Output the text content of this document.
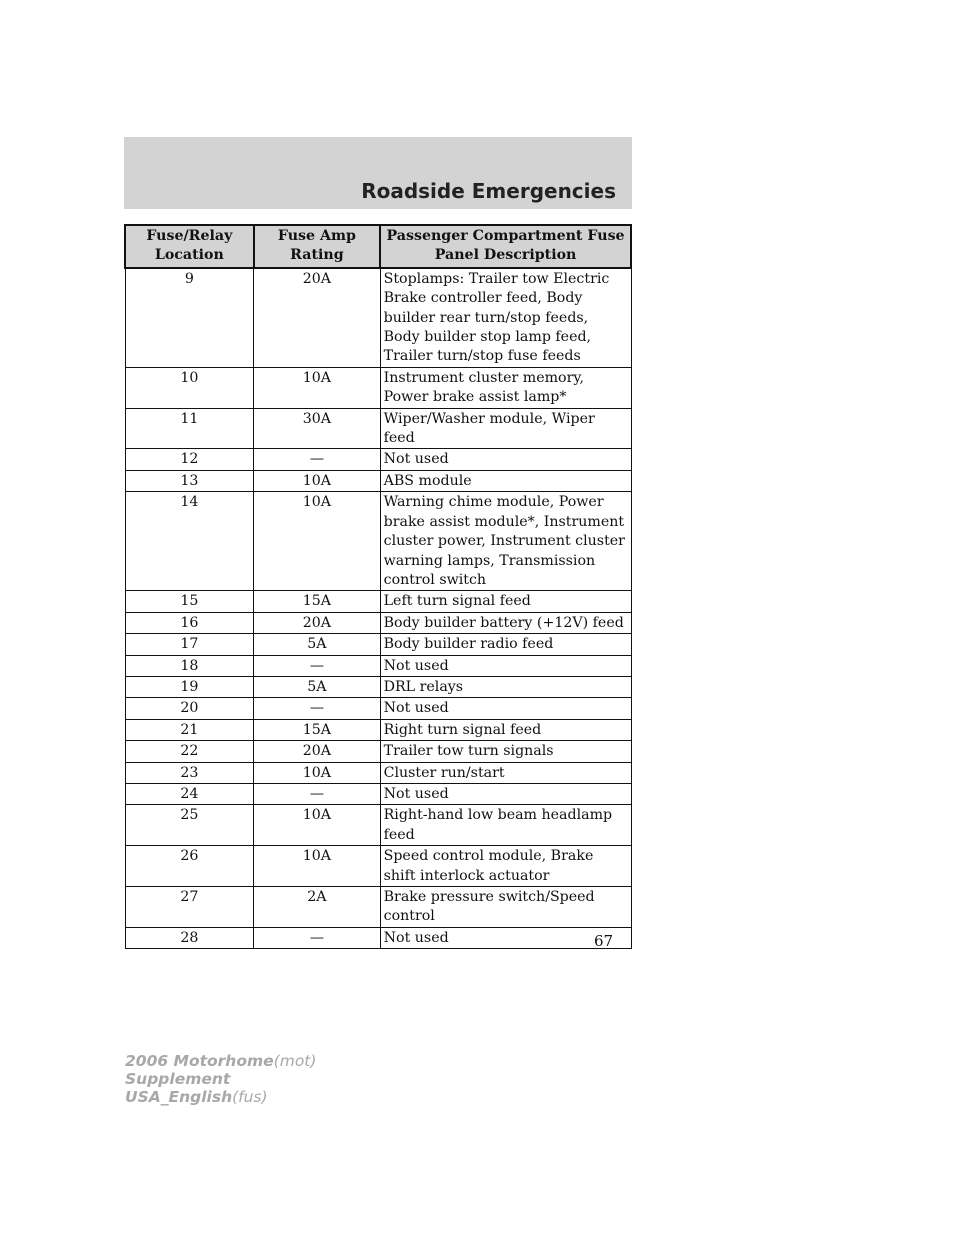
Roadside Emergencies
Fuse/Relay Location	Fuse Amp Rating	Passenger Compartment Fuse Panel Description
9	20A	Stoplamps: Trailer tow Electric Brake controller feed, Body builder rear turn/stop feeds, Body builder stop lamp feed, Trailer turn/stop fuse feeds
10	10A	Instrument cluster memory, Power brake assist lamp*
11	30A	Wiper/Washer module, Wiper feed
12	—	Not used
13	10A	ABS module
14	10A	Warning chime module, Power brake assist module*, Instrument cluster power, Instrument cluster warning lamps, Transmission control switch
15	15A	Left turn signal feed
16	20A	Body builder battery (+12V) feed
17	5A	Body builder radio feed
18	—	Not used
19	5A	DRL relays
20	—	Not used
21	15A	Right turn signal feed
22	20A	Trailer tow turn signals
23	10A	Cluster run/start
24	—	Not used
25	10A	Right-hand low beam headlamp feed
26	10A	Speed control module, Brake shift interlock actuator
27	2A	Brake pressure switch/Speed control
28	—	Not used	67
2006 Motorhome(mot)
Supplement
USA_English(fus)
